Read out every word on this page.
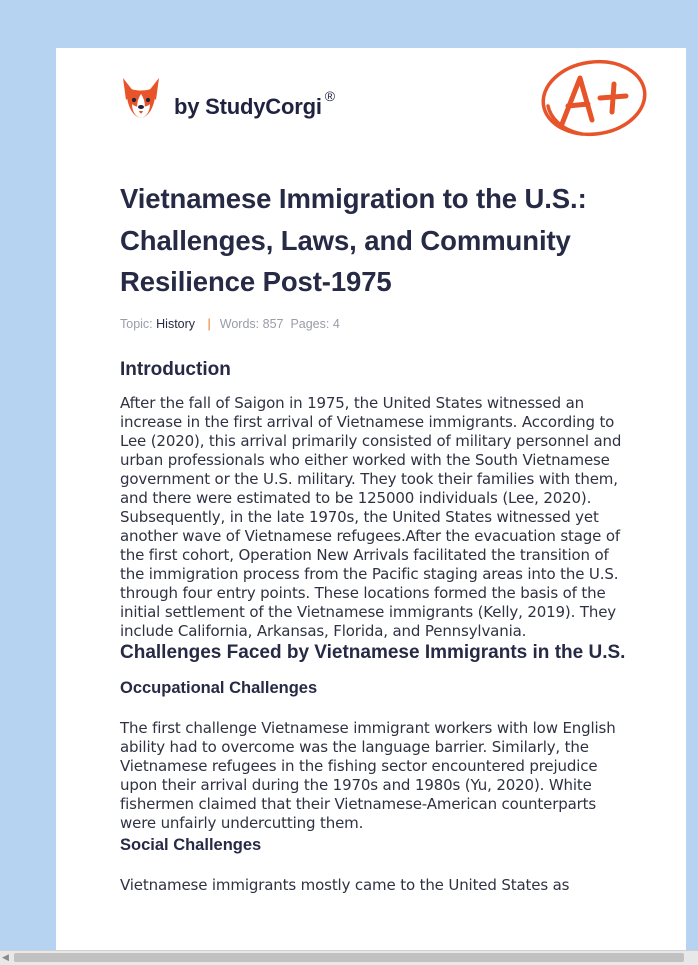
by StudyCorgi ®
Vietnamese Immigration to the U.S.: Challenges, Laws, and Community Resilience Post-1975
Topic: History | Words: 857 Pages: 4
Introduction

After the fall of Saigon in 1975, the United States witnessed an increase in the first arrival of Vietnamese immigrants. According to Lee (2020), this arrival primarily consisted of military personnel and urban professionals who either worked with the South Vietnamese government or the U.S. military. They took their families with them, and there were estimated to be 125000 individuals (Lee, 2020). Subsequently, in the late 1970s, the United States witnessed yet another wave of Vietnamese refugees.After the evacuation stage of the first cohort, Operation New Arrivals facilitated the transition of the immigration process from the Pacific staging areas into the U.S. through four entry points. These locations formed the basis of the initial settlement of the Vietnamese immigrants (Kelly, 2019). They include California, Arkansas, Florida, and Pennsylvania.

Challenges Faced by Vietnamese Immigrants in the U.S.
Occupational Challenges

The first challenge Vietnamese immigrant workers with low English ability had to overcome was the language barrier. Similarly, the Vietnamese refugees in the fishing sector encountered prejudice upon their arrival during the 1970s and 1980s (Yu, 2020). White fishermen claimed that their Vietnamese-American counterparts were unfairly undercutting them.

Social Challenges

Vietnamese immigrants mostly came to the United States as

◀
